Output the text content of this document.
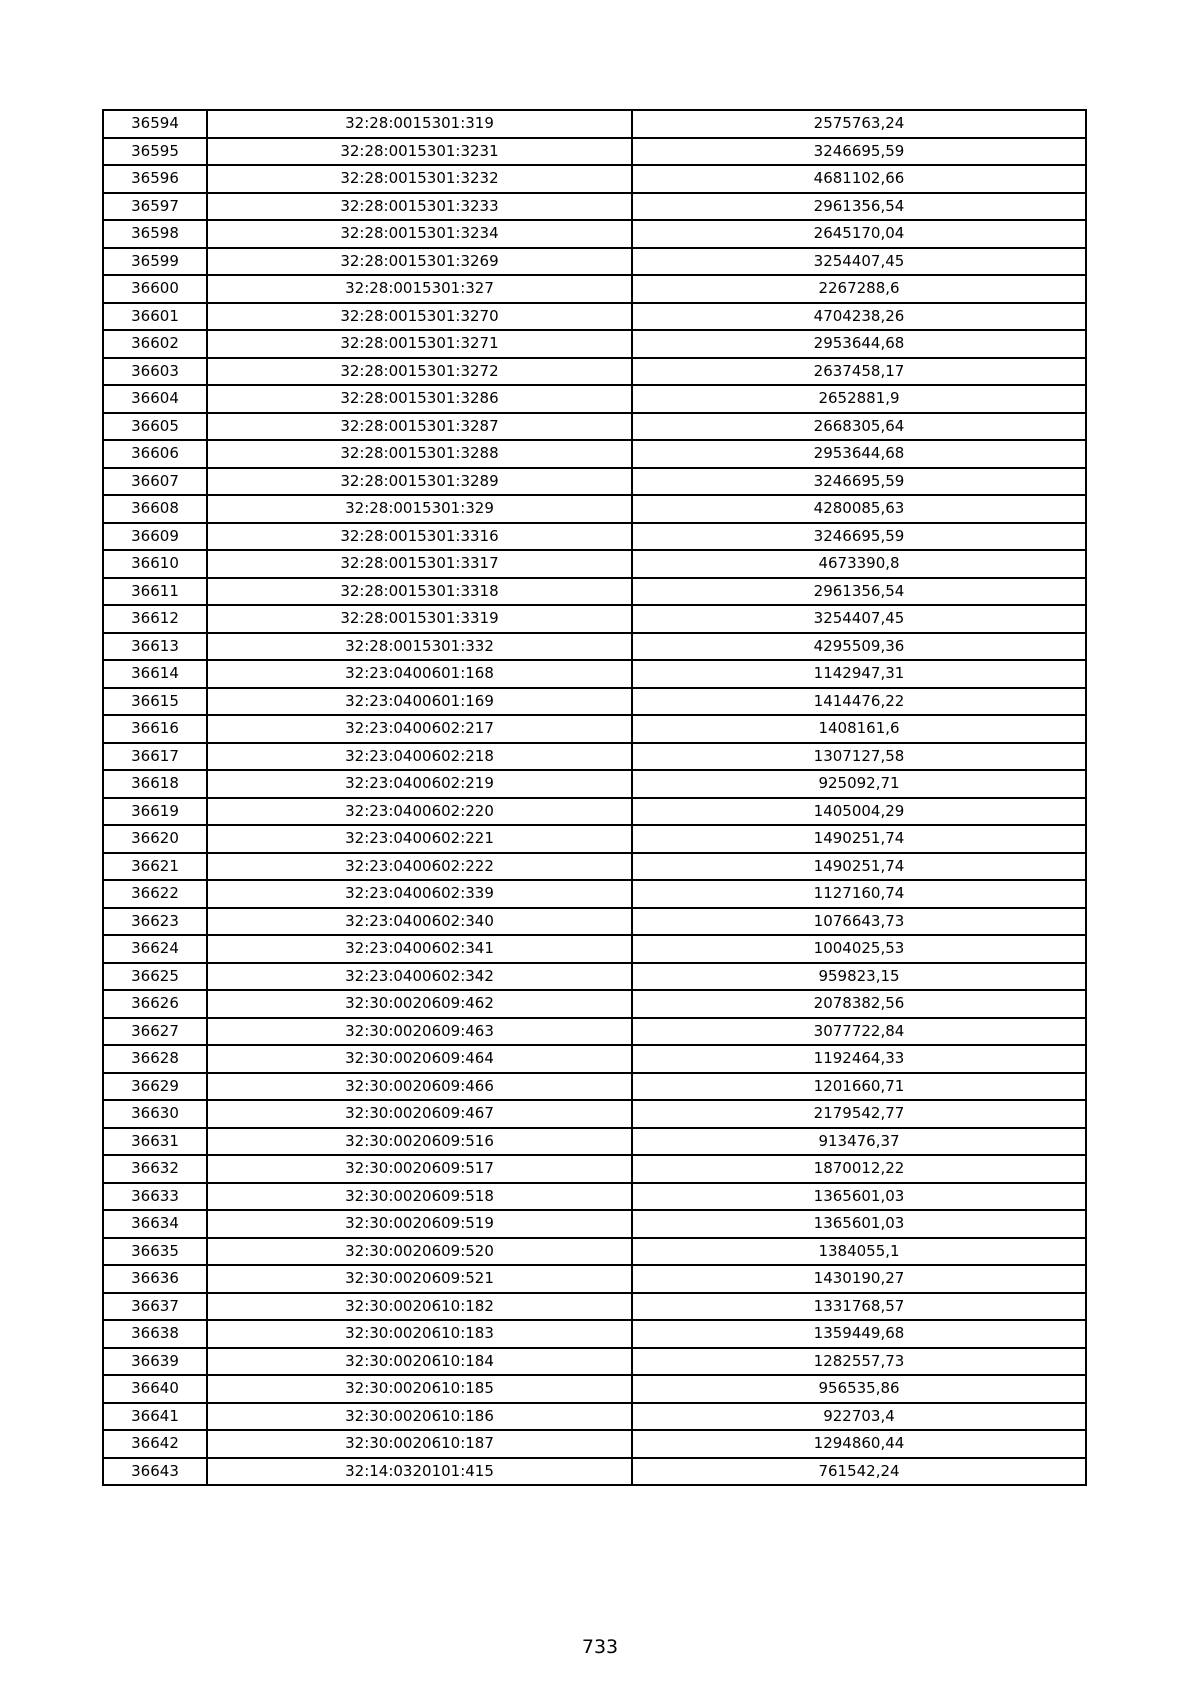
36594	32:28:0015301:319	2575763,24
36595	32:28:0015301:3231	3246695,59
36596	32:28:0015301:3232	4681102,66
36597	32:28:0015301:3233	2961356,54
36598	32:28:0015301:3234	2645170,04
36599	32:28:0015301:3269	3254407,45
36600	32:28:0015301:327	2267288,6
36601	32:28:0015301:3270	4704238,26
36602	32:28:0015301:3271	2953644,68
36603	32:28:0015301:3272	2637458,17
36604	32:28:0015301:3286	2652881,9
36605	32:28:0015301:3287	2668305,64
36606	32:28:0015301:3288	2953644,68
36607	32:28:0015301:3289	3246695,59
36608	32:28:0015301:329	4280085,63
36609	32:28:0015301:3316	3246695,59
36610	32:28:0015301:3317	4673390,8
36611	32:28:0015301:3318	2961356,54
36612	32:28:0015301:3319	3254407,45
36613	32:28:0015301:332	4295509,36
36614	32:23:0400601:168	1142947,31
36615	32:23:0400601:169	1414476,22
36616	32:23:0400602:217	1408161,6
36617	32:23:0400602:218	1307127,58
36618	32:23:0400602:219	925092,71
36619	32:23:0400602:220	1405004,29
36620	32:23:0400602:221	1490251,74
36621	32:23:0400602:222	1490251,74
36622	32:23:0400602:339	1127160,74
36623	32:23:0400602:340	1076643,73
36624	32:23:0400602:341	1004025,53
36625	32:23:0400602:342	959823,15
36626	32:30:0020609:462	2078382,56
36627	32:30:0020609:463	3077722,84
36628	32:30:0020609:464	1192464,33
36629	32:30:0020609:466	1201660,71
36630	32:30:0020609:467	2179542,77
36631	32:30:0020609:516	913476,37
36632	32:30:0020609:517	1870012,22
36633	32:30:0020609:518	1365601,03
36634	32:30:0020609:519	1365601,03
36635	32:30:0020609:520	1384055,1
36636	32:30:0020609:521	1430190,27
36637	32:30:0020610:182	1331768,57
36638	32:30:0020610:183	1359449,68
36639	32:30:0020610:184	1282557,73
36640	32:30:0020610:185	956535,86
36641	32:30:0020610:186	922703,4
36642	32:30:0020610:187	1294860,44
36643	32:14:0320101:415	761542,24
733
